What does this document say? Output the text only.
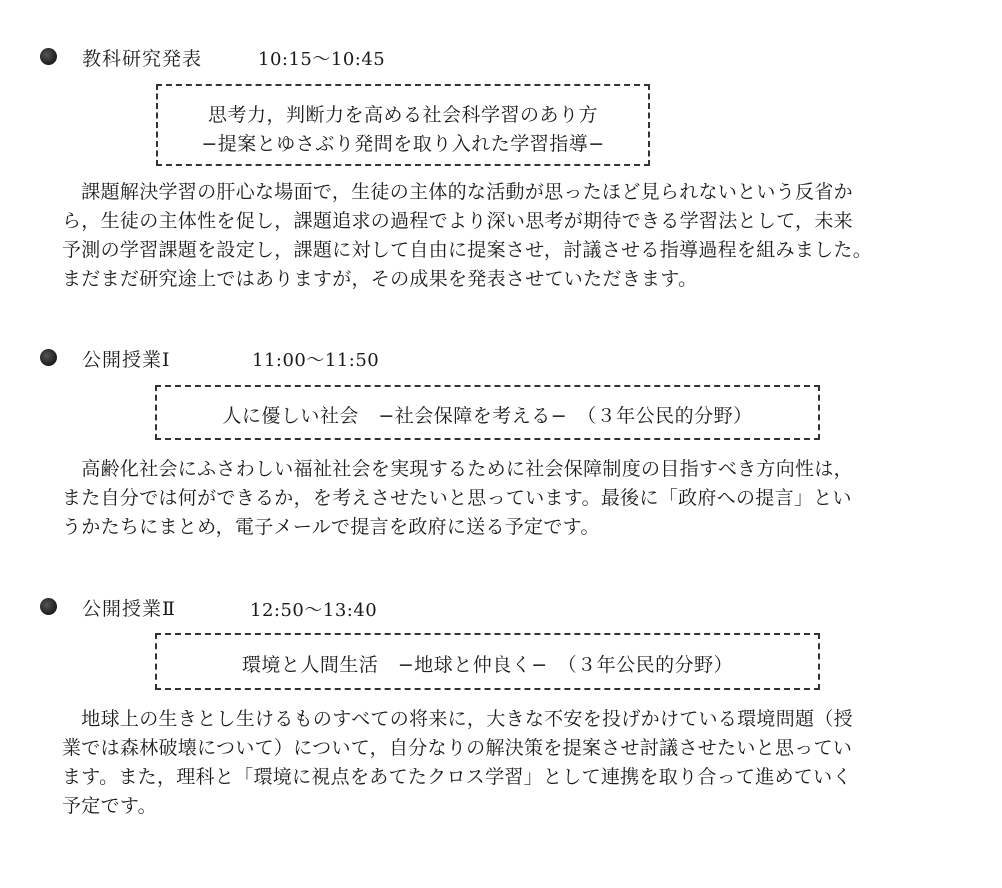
教科研究発表	10:15〜10:45
思考力，判断力を高める社会科学習のあり方
−提案とゆさぶり発問を取り入れた学習指導−
　課題解決学習の肝心な場面で，生徒の主体的な活動が思ったほど見られないという反省か
ら，生徒の主体性を促し，課題追求の過程でより深い思考が期待できる学習法として，未来
予測の学習課題を設定し，課題に対して自由に提案させ，討議させる指導過程を組みました。
まだまだ研究途上ではありますが，その成果を発表させていただきます。
公開授業Ⅰ	11:00〜11:50
人に優しい社会　−社会保障を考える−　（３年公民的分野）
　高齢化社会にふさわしい福祉社会を実現するために社会保障制度の目指すべき方向性は，
また自分では何ができるか，を考えさせたいと思っています。最後に「政府への提言」とい
うかたちにまとめ，電子メールで提言を政府に送る予定です。
公開授業Ⅱ	12:50〜13:40
環境と人間生活　−地球と仲良く−　（３年公民的分野）
　地球上の生きとし生けるものすべての将来に，大きな不安を投げかけている環境問題（授
業では森林破壊について）について，自分なりの解決策を提案させ討議させたいと思ってい
ます。また，理科と「環境に視点をあてたクロス学習」として連携を取り合って進めていく
予定です。
